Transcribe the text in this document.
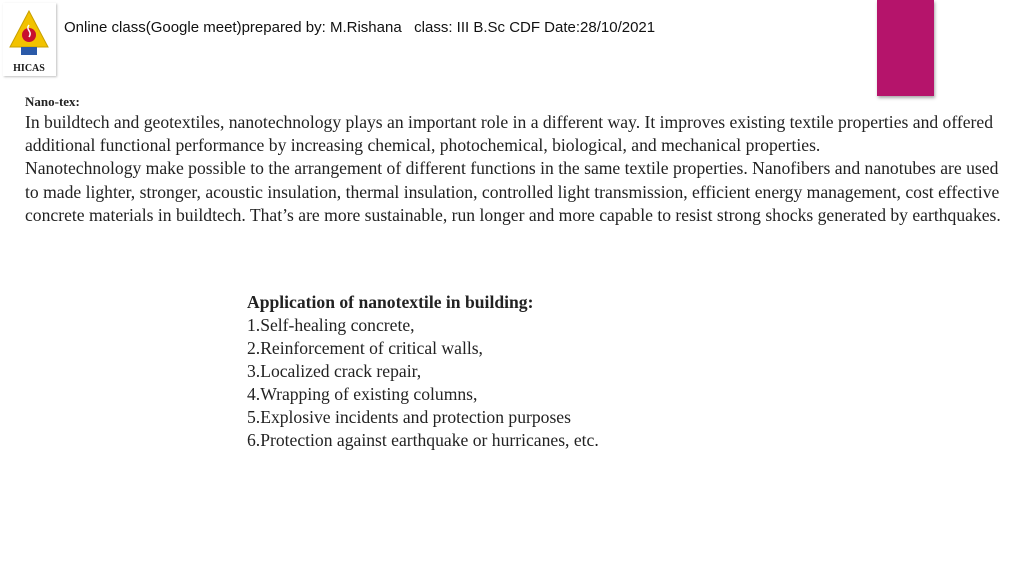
HICAS
Online class(Google meet)prepared by: M.Rishana   class: III B.Sc CDF Date:28/10/2021
Nano-tex:

In buildtech and geotextiles, nanotechnology plays an important role in a different way. It improves existing textile properties and offered additional functional performance by increasing chemical, photochemical, biological, and mechanical properties.

Nanotechnology make possible to the arrangement of different functions in the same textile properties. Nanofibers and nanotubes are used to made lighter, stronger, acoustic insulation, thermal insulation, controlled light transmission, efficient energy management, cost effective concrete materials in buildtech. That’s are more sustainable, run longer and more capable to resist strong shocks generated by earthquakes.

Application of nanotextile in building:
1.Self-healing concrete,
2.Reinforcement of critical walls,
3.Localized crack repair,
4.Wrapping of existing columns,
5.Explosive incidents and protection purposes
6.Protection against earthquake or hurricanes, etc.
